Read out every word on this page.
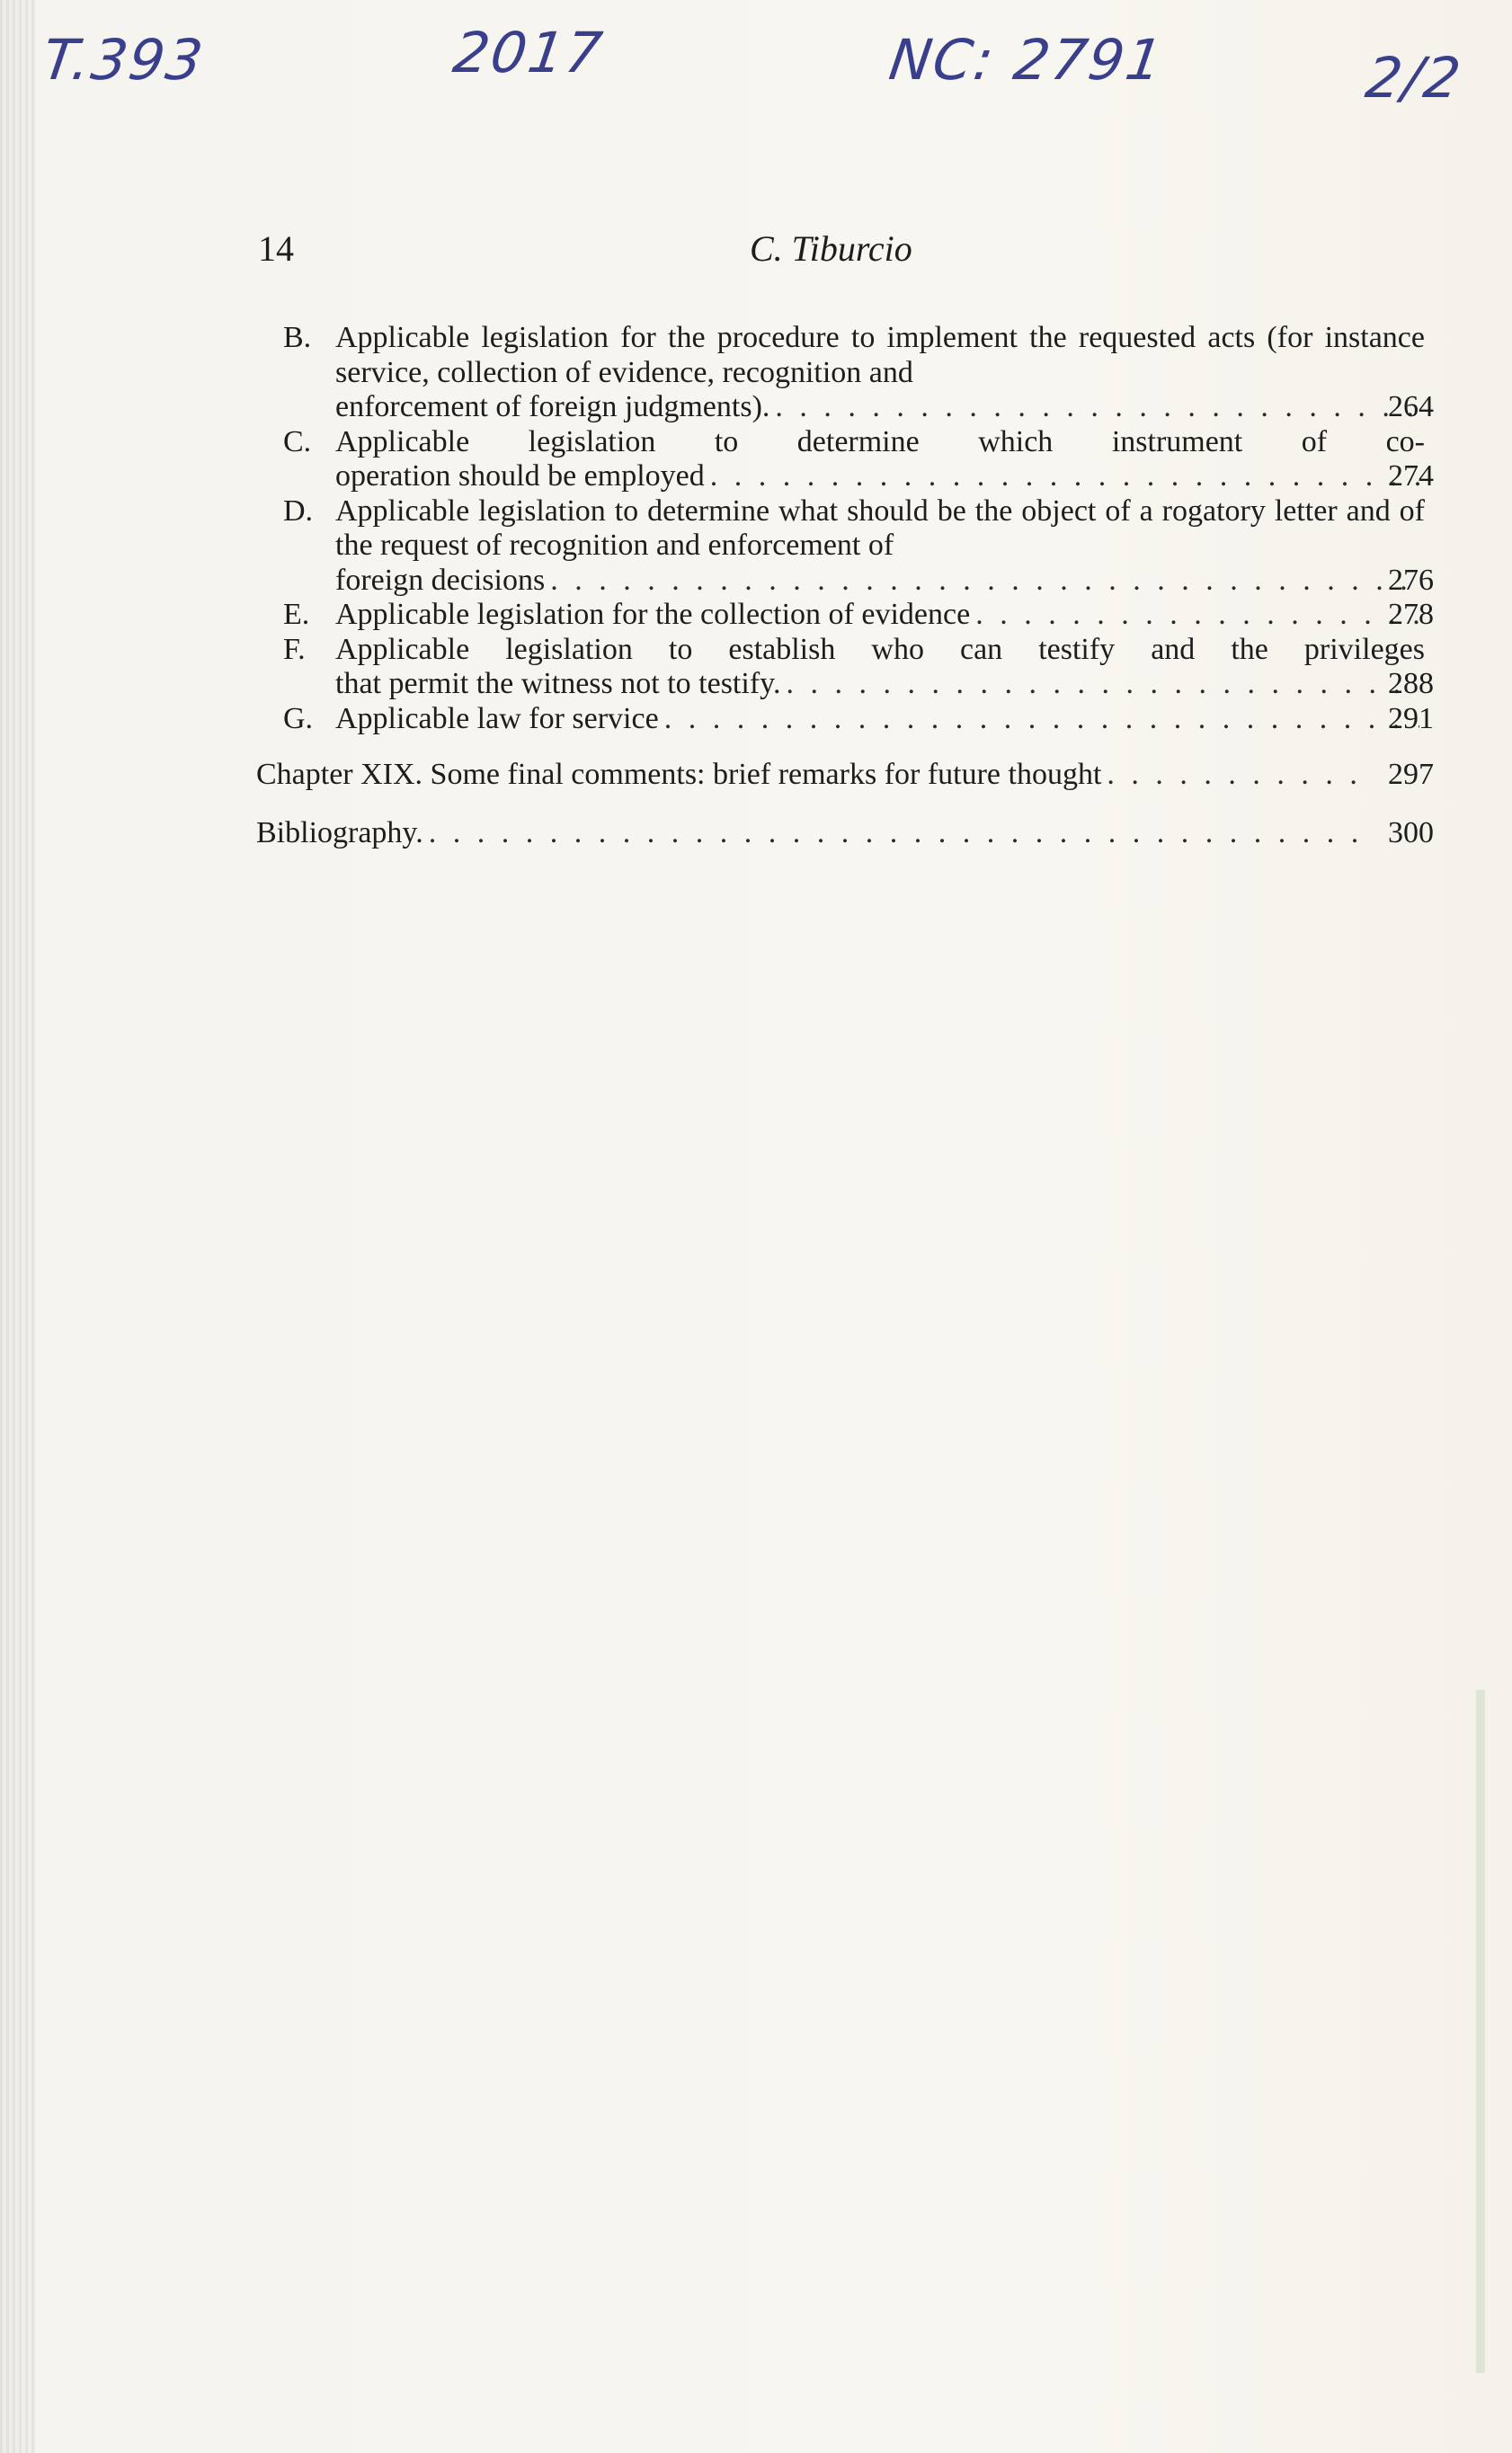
T.393	2017	NC: 2791	2/2
14	C. Tiburcio
B. Applicable legislation for the procedure to implement the requested acts (for instance service, collection of evidence, recognition and
enforcement of foreign judgments). . . .	264
C. Applicable legislation to determine which instrument of co-
operation should be employed . . .	274
D. Applicable legislation to determine what should be the object of a rogatory letter and of the request of recognition and enforcement of
foreign decisions . . .	276
E. Applicable legislation for the collection of evidence . . .	278
F. Applicable legislation to establish who can testify and the privileges
that permit the witness not to testify. . . .	288
G. Applicable law for service . . .	291
Chapter XIX. Some final comments: brief remarks for future thought . . .	297
Bibliography. . . .	300
